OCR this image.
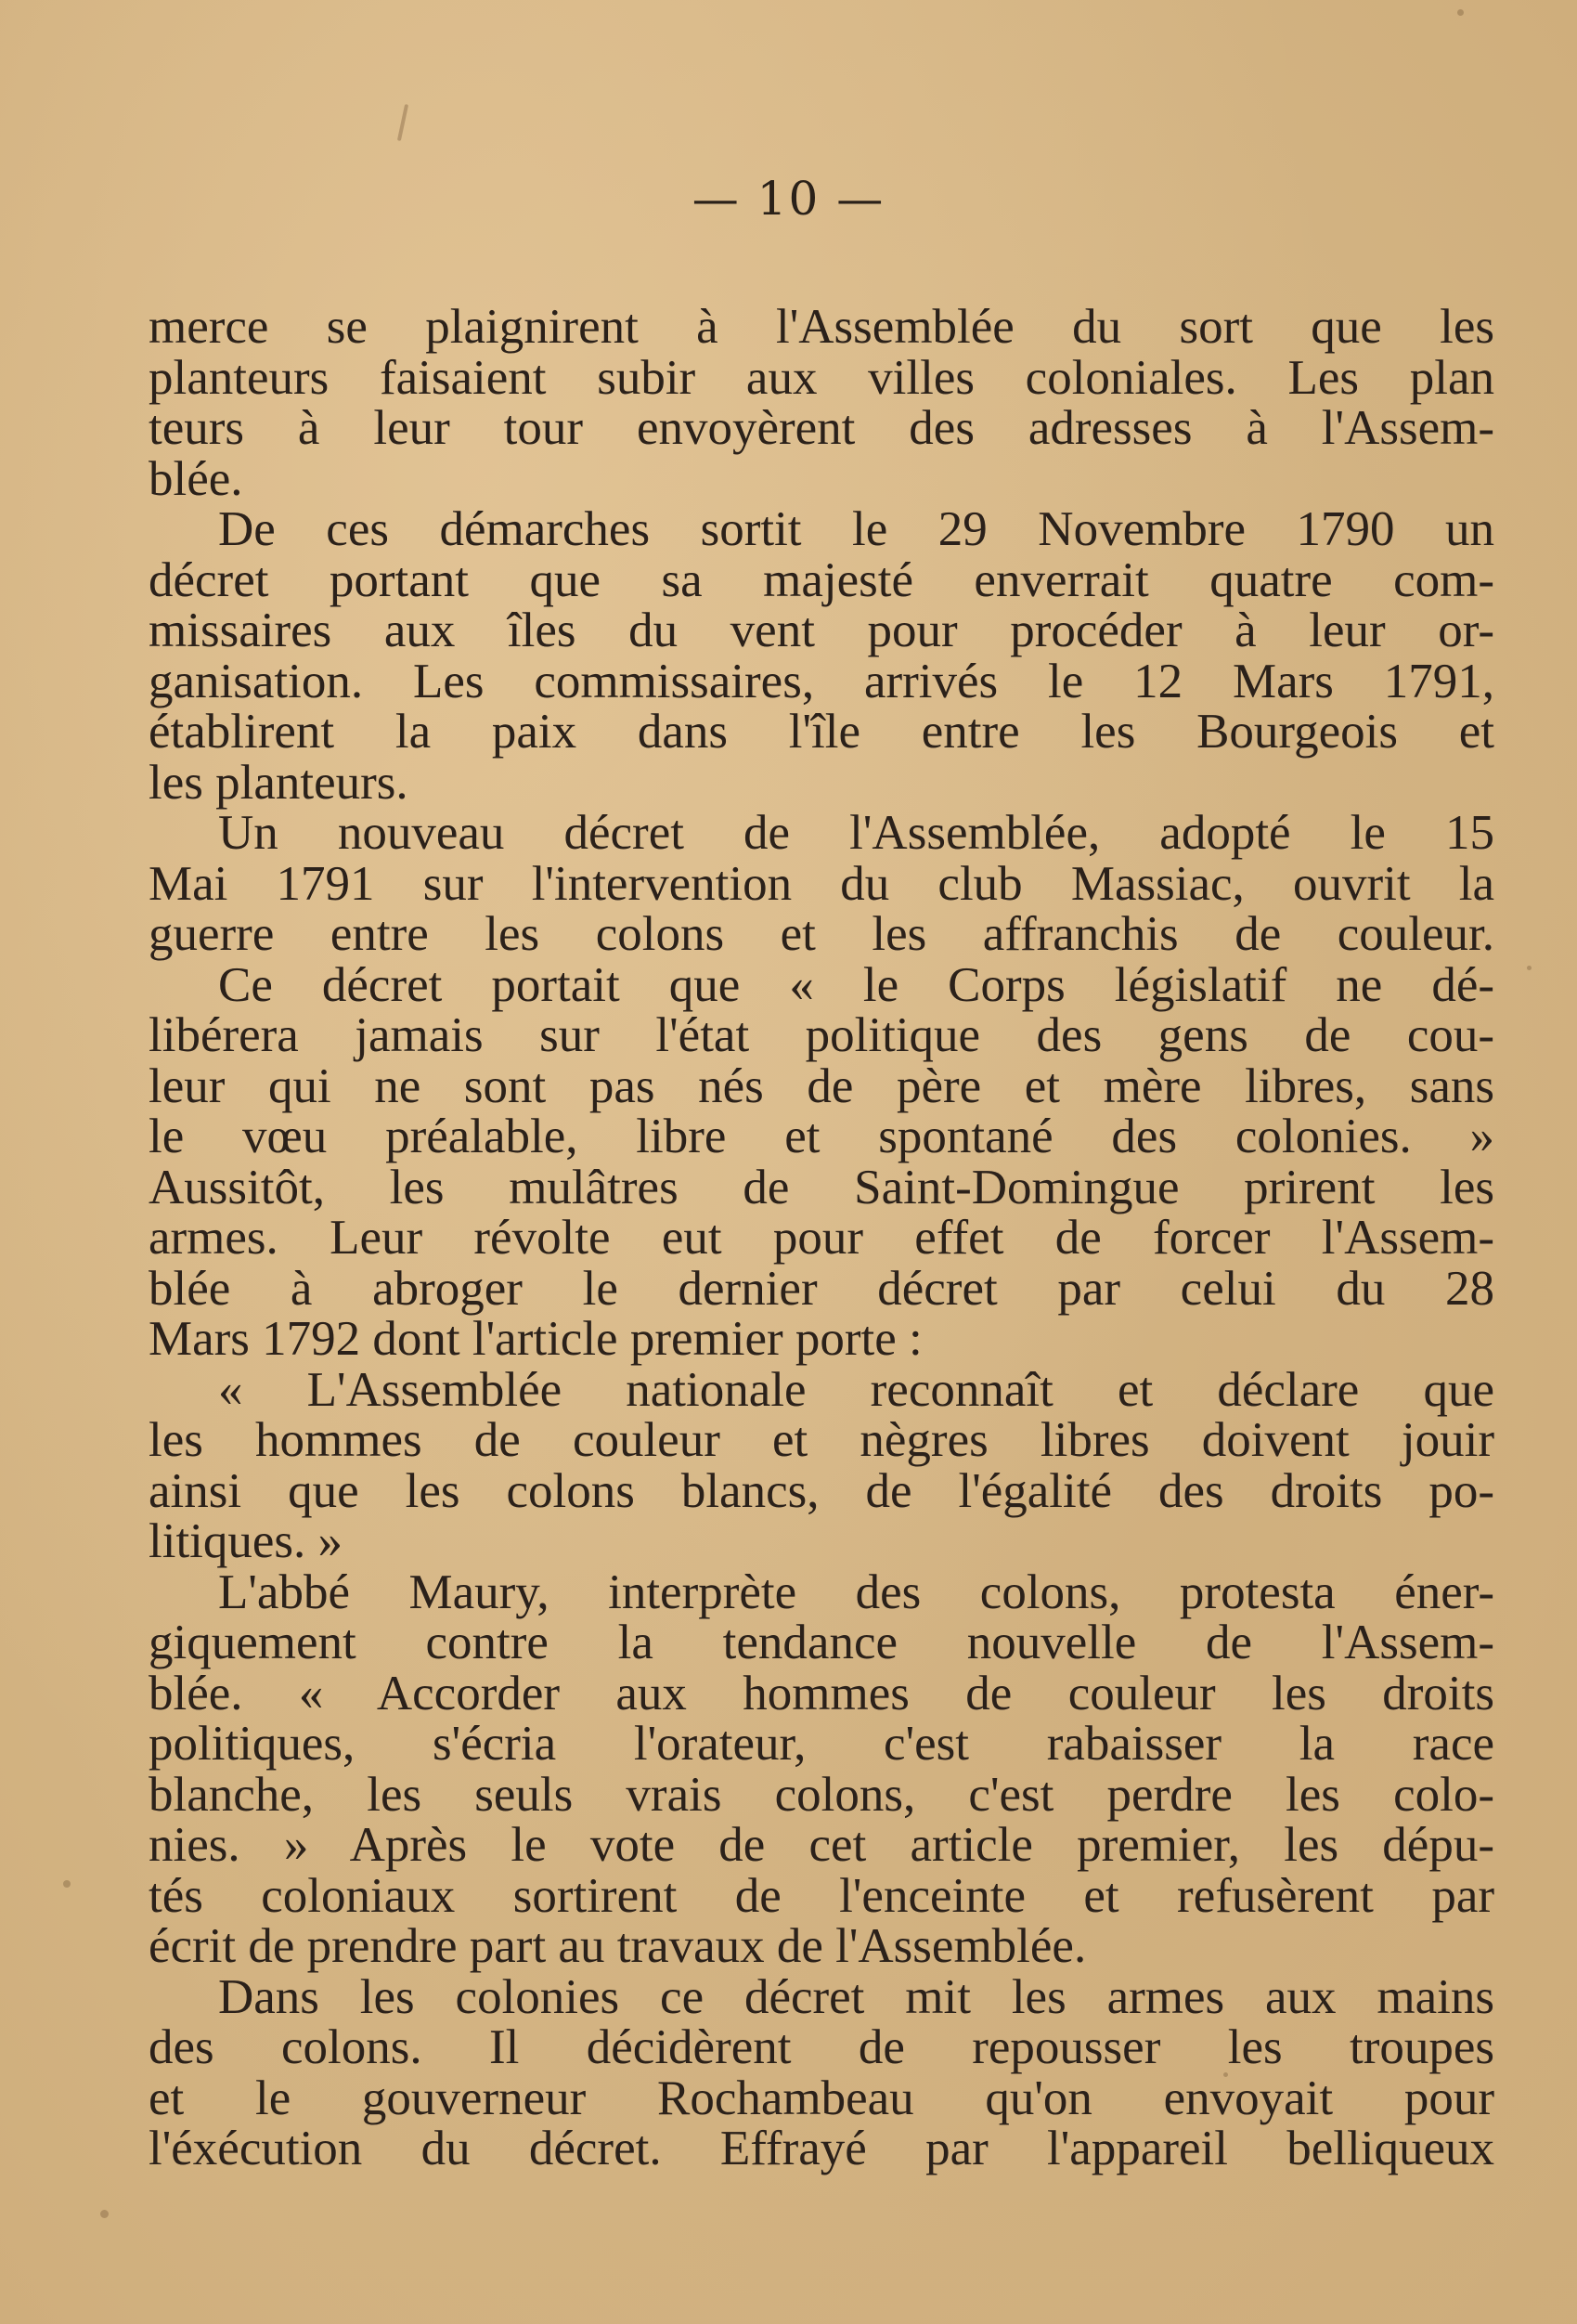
— 10 —
merce se plaignirent à l'Assemblée du sort que les
planteurs faisaient subir aux villes coloniales. Les plan
teurs à leur tour envoyèrent des adresses à l'Assem-
blée.
De ces démarches sortit le 29 Novembre 1790 un
décret portant que sa majesté enverrait quatre com-
missaires aux îles du vent pour procéder à leur or-
ganisation. Les commissaires, arrivés le 12 Mars 1791,
établirent la paix dans l'île entre les Bourgeois et
les planteurs.
Un nouveau décret de l'Assemblée, adopté le 15
Mai 1791 sur l'intervention du club Massiac, ouvrit la
guerre entre les colons et les affranchis de couleur.
Ce décret portait que « le Corps législatif ne dé-
libérera jamais sur l'état politique des gens de cou-
leur qui ne sont pas nés de père et mère libres, sans
le vœu préalable, libre et spontané des colonies. »
Aussitôt, les mulâtres de Saint-Domingue prirent les
armes. Leur révolte eut pour effet de forcer l'Assem-
blée à abroger le dernier décret par celui du 28
Mars 1792 dont l'article premier porte :
« L'Assemblée nationale reconnaît et déclare que
les hommes de couleur et nègres libres doivent jouir
ainsi que les colons blancs, de l'égalité des droits po-
litiques. »
L'abbé Maury, interprète des colons, protesta éner-
giquement contre la tendance nouvelle de l'Assem-
blée. « Accorder aux hommes de couleur les droits
politiques, s'écria l'orateur, c'est rabaisser la race
blanche, les seuls vrais colons, c'est perdre les colo-
nies. » Après le vote de cet article premier, les dépu-
tés coloniaux sortirent de l'enceinte et refusèrent par
écrit de prendre part au travaux de l'Assemblée.
Dans les colonies ce décret mit les armes aux mains
des colons. Il décidèrent de repousser les troupes
et le gouverneur Rochambeau qu'on envoyait pour
l'éxécution du décret. Effrayé par l'appareil belliqueux
